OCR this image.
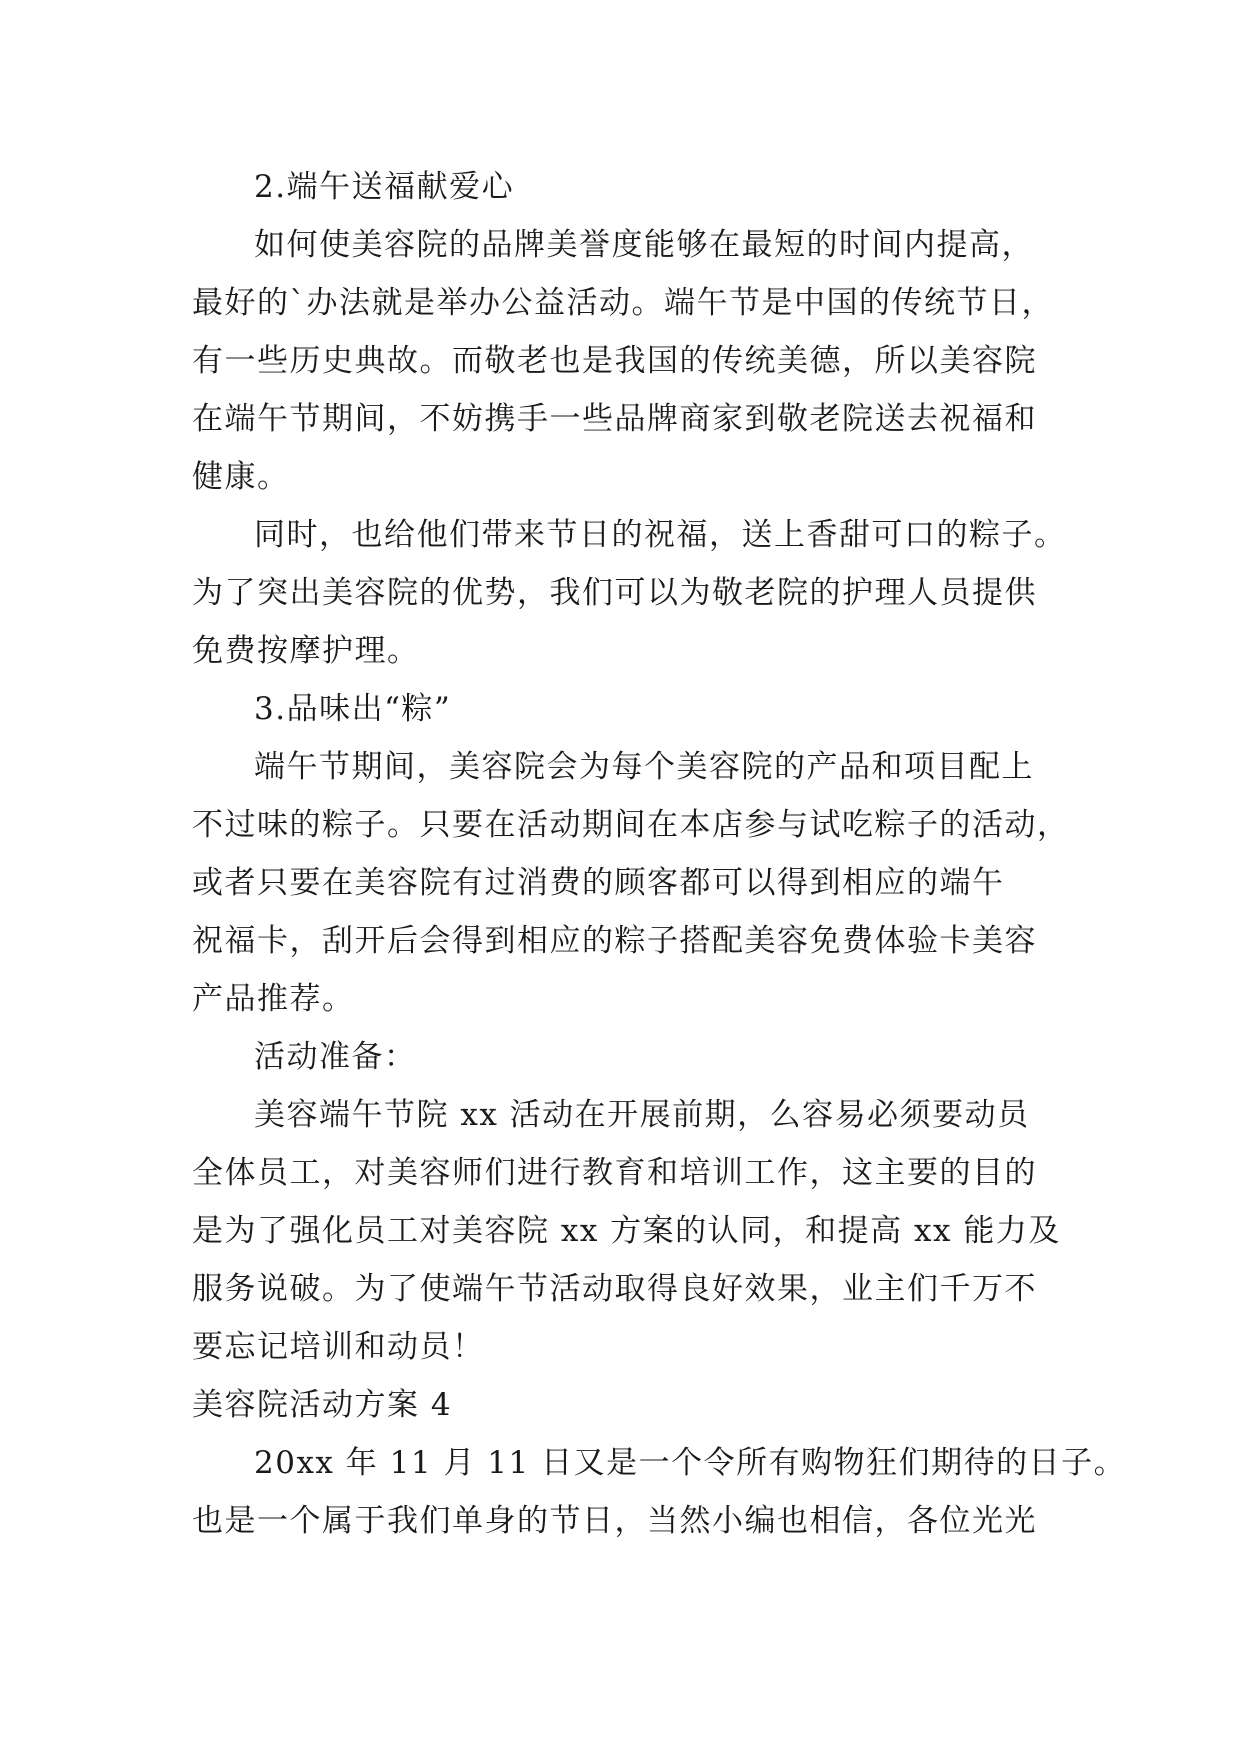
2.端午送福献爱心

如何使美容院的品牌美誉度能够在最短的时间内提高，

最好的`办法就是举办公益活动。端午节是中国的传统节日，

有一些历史典故。而敬老也是我国的传统美德，所以美容院

在端午节期间，不妨携手一些品牌商家到敬老院送去祝福和

健康。

同时，也给他们带来节日的祝福，送上香甜可口的粽子。

为了突出美容院的优势，我们可以为敬老院的护理人员提供

免费按摩护理。

3.品味出“粽”

端午节期间，美容院会为每个美容院的产品和项目配上

不过味的粽子。只要在活动期间在本店参与试吃粽子的活动，

或者只要在美容院有过消费的顾客都可以得到相应的端午

祝福卡，刮开后会得到相应的粽子搭配美容免费体验卡美容

产品推荐。

活动准备：

美容端午节院 xx 活动在开展前期，么容易必须要动员

全体员工，对美容师们进行教育和培训工作，这主要的目的

是为了强化员工对美容院 xx 方案的认同，和提高 xx 能力及

服务说破。为了使端午节活动取得良好效果，业主们千万不

要忘记培训和动员！

美容院活动方案 4

20xx 年 11 月 11 日又是一个令所有购物狂们期待的日子。

也是一个属于我们单身的节日，当然小编也相信，各位光光
